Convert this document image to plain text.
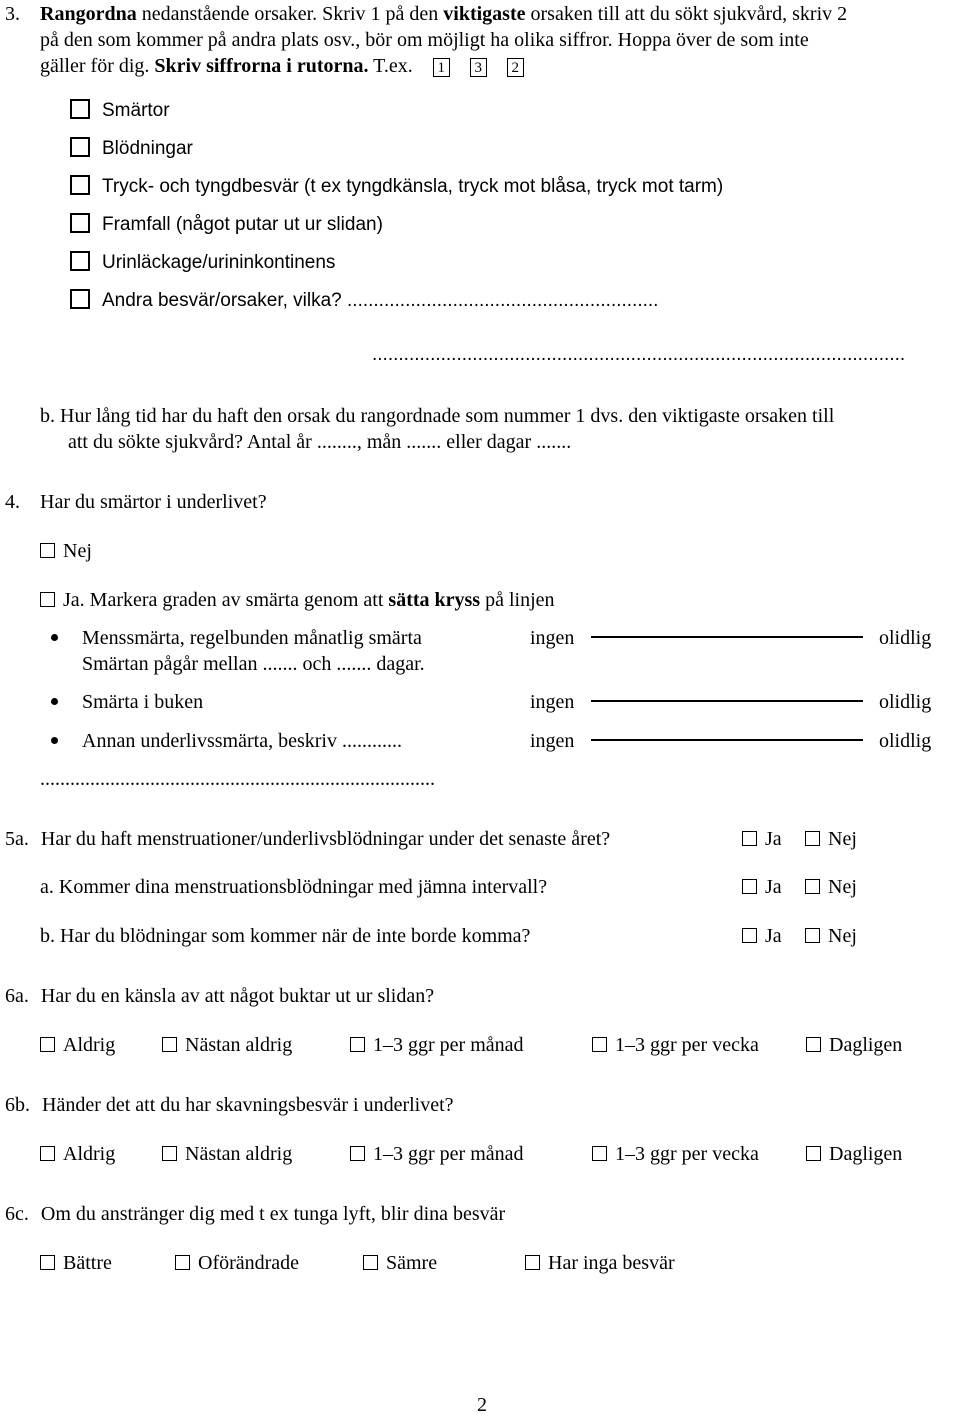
3. Rangordna nedanstående orsaker. Skriv 1 på den viktigaste orsaken till att du sökt sjukvård, skriv 2
på den som kommer på andra plats osv., bör om möjligt ha olika siffror. Hoppa över de som inte
gäller för dig. Skriv siffrorna i rutorna. T.ex. 1 3 2
Smärtor
Blödningar
Tryck- och tyngdbesvär (t ex tyngdkänsla, tryck mot blåsa, tryck mot tarm)
Framfall (något putar ut ur slidan)
Urinläckage/urininkontinens
Andra besvär/orsaker, vilka? ...........................................................
.....................................................................................................
b. Hur lång tid har du haft den orsak du rangordnade som nummer 1 dvs. den viktigaste orsaken till
att du sökte sjukvård? Antal år ........, mån ....... eller dagar .......
4. Har du smärtor i underlivet?
Nej
Ja. Markera graden av smärta genom att sätta kryss på linjen
Menssmärta, regelbunden månatlig smärta	ingen	olidlig
Smärtan pågår mellan ....... och ....... dagar.
Smärta i buken	ingen	olidlig
Annan underlivssmärta, beskriv ............	ingen	olidlig
...............................................................................
5a. Har du haft menstruationer/underlivsblödningar under det senaste året?	Ja	Nej
a. Kommer dina menstruationsblödningar med jämna intervall?	Ja	Nej
b. Har du blödningar som kommer när de inte borde komma?	Ja	Nej
6a. Har du en känsla av att något buktar ut ur slidan?
Aldrig	Nästan aldrig	1–3 ggr per månad	1–3 ggr per vecka	Dagligen
6b. Händer det att du har skavningsbesvär i underlivet?
Aldrig	Nästan aldrig	1–3 ggr per månad	1–3 ggr per vecka	Dagligen
6c. Om du anstränger dig med t ex tunga lyft, blir dina besvär
Bättre	Oförändrade	Sämre	Har inga besvär
2
